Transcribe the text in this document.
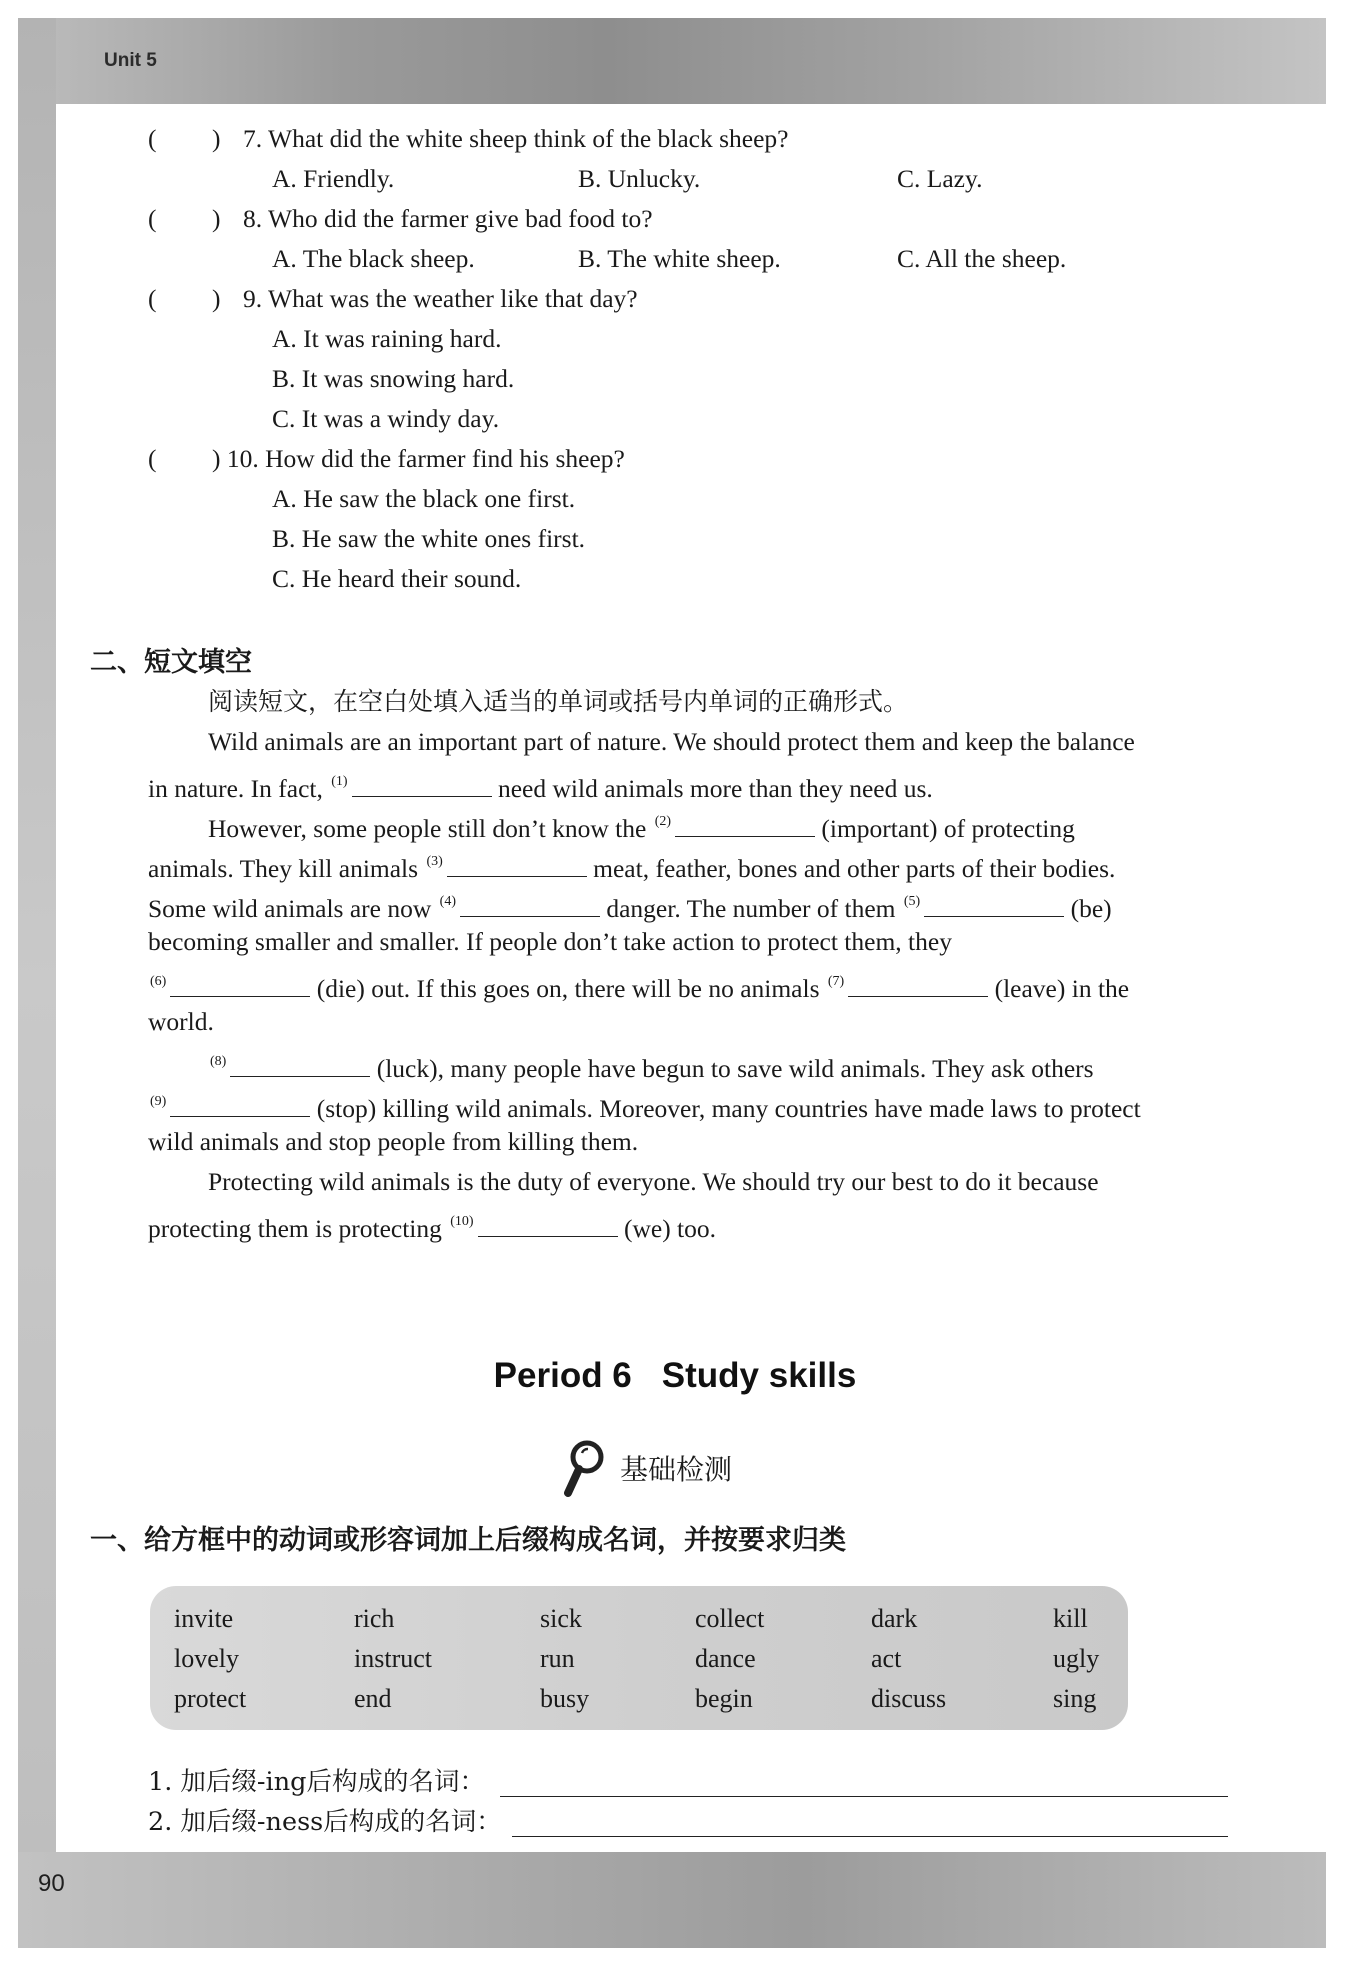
Unit 5
( ) 7. What did the white sheep think of the black sheep?
A. Friendly.	B. Unlucky.	C. Lazy.
( ) 8. Who did the farmer give bad food to?
A. The black sheep.	B. The white sheep.	C. All the sheep.
( ) 9. What was the weather like that day?
A. It was raining hard.
B. It was snowing hard.
C. It was a windy day.
( ) 10. How did the farmer find his sheep?
A. He saw the black one first.
B. He saw the white ones first.
C. He heard their sound.
二、短文填空
阅读短文，在空白处填入适当的单词或括号内单词的正确形式。
Wild animals are an important part of nature. We should protect them and keep the balance
in nature. In fact, $^{(1)}$	need wild animals more than they need us.
However, some people still don’t know the $^{(2)}$	(important) of protecting
animals. They kill animals $^{(3)}$	meat, feather, bones and other parts of their bodies.
Some wild animals are now $^{(4)}$	danger. The number of them $^{(5)}$	(be)
becoming smaller and smaller. If people don’t take action to protect them, they
$^{(6)}$	(die) out. If this goes on, there will be no animals $^{(7)}$	(leave) in the
world.
$^{(8)}$	(luck), many people have begun to save wild animals. They ask others
$^{(9)}$	(stop) killing wild animals. Moreover, many countries have made laws to protect
wild animals and stop people from killing them.
Protecting wild animals is the duty of everyone. We should try our best to do it because
protecting them is protecting $^{(10)}$	(we) too.
Period 6 Study skills
基础检测
一、给方框中的动词或形容词加上后缀构成名词，并按要求归类
invite	rich	sick	collect	dark	kill
lovely	instruct	run	dance	act	ugly
protect	end	busy	begin	discuss	sing
1. 加后缀-ing后构成的名词：
2. 加后缀-ness后构成的名词：
90
